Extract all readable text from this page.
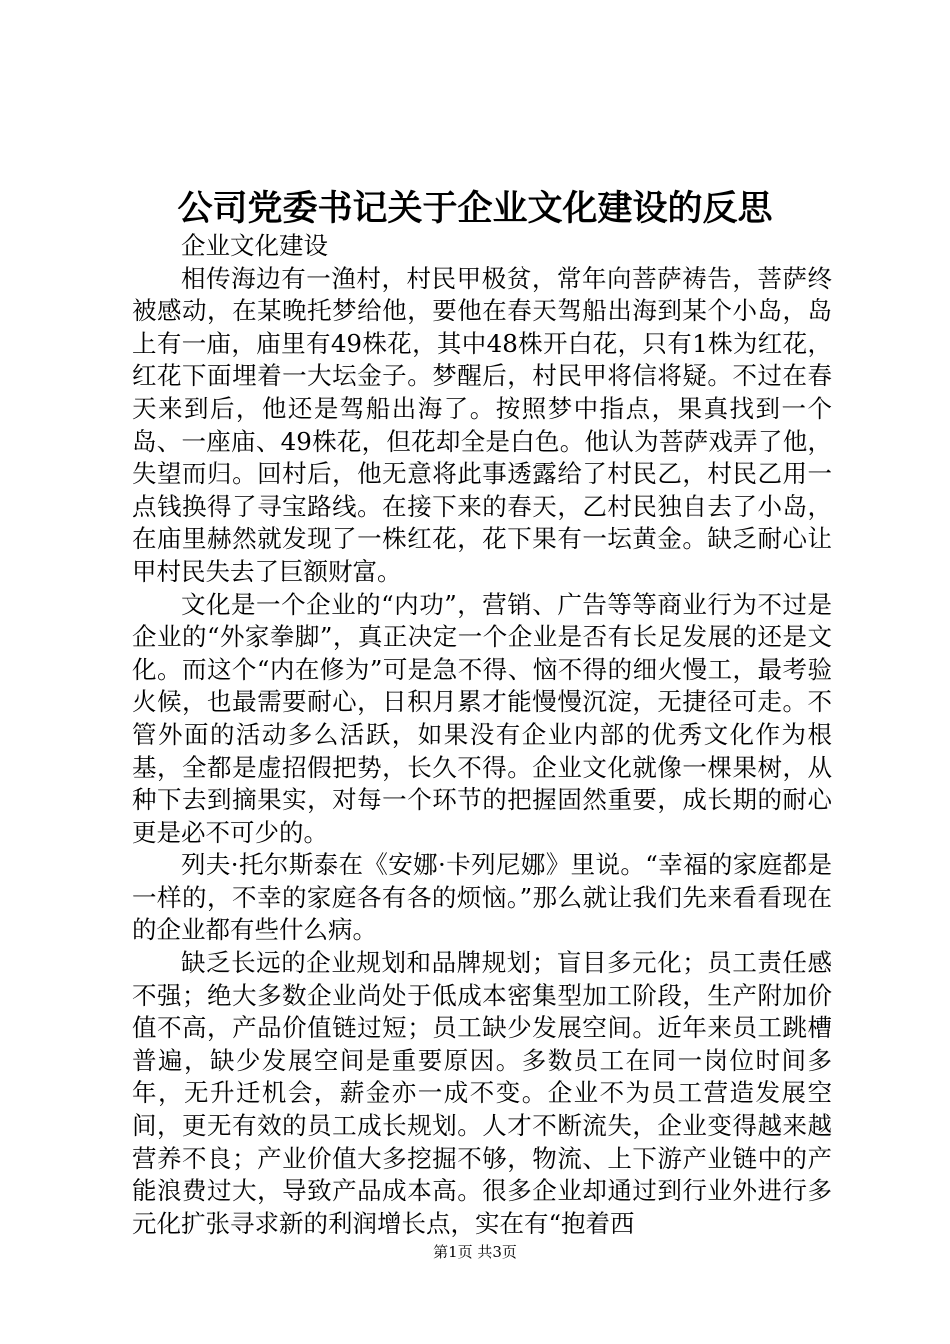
公司党委书记关于企业文化建设的反思

企业文化建设

相传海边有一渔村，村民甲极贫，常年向菩萨祷告，菩萨终被感动，在某晚托梦给他，要他在春天驾船出海到某个小岛，岛上有一庙，庙里有49株花，其中48株开白花，只有1株为红花，红花下面埋着一大坛金子。梦醒后，村民甲将信将疑。不过在春天来到后，他还是驾船出海了。按照梦中指点，果真找到一个岛、一座庙、49株花，但花却全是白色。他认为菩萨戏弄了他，失望而归。回村后，他无意将此事透露给了村民乙，村民乙用一点钱换得了寻宝路线。在接下来的春天，乙村民独自去了小岛，在庙里赫然就发现了一株红花，花下果有一坛黄金。缺乏耐心让甲村民失去了巨额财富。

文化是一个企业的“内功”，营销、广告等等商业行为不过是企业的“外家拳脚”，真正决定一个企业是否有长足发展的还是文化。而这个“内在修为”可是急不得、恼不得的细火慢工，最考验火候，也最需要耐心，日积月累才能慢慢沉淀，无捷径可走。不管外面的活动多么活跃，如果没有企业内部的优秀文化作为根基，全都是虚招假把势，长久不得。企业文化就像一棵果树，从种下去到摘果实，对每一个环节的把握固然重要，成长期的耐心更是必不可少的。

列夫·托尔斯泰在《安娜·卡列尼娜》里说。“幸福的家庭都是一样的，不幸的家庭各有各的烦恼。”那么就让我们先来看看现在的企业都有些什么病。

缺乏长远的企业规划和品牌规划；盲目多元化；员工责任感不强；绝大多数企业尚处于低成本密集型加工阶段，生产附加价值不高，产品价值链过短；员工缺少发展空间。近年来员工跳槽普遍，缺少发展空间是重要原因。多数员工在同一岗位时间多年，无升迁机会，薪金亦一成不变。企业不为员工营造发展空间，更无有效的员工成长规划。人才不断流失，企业变得越来越营养不良；产业价值大多挖掘不够，物流、上下游产业链中的产能浪费过大，导致产品成本高。很多企业却通过到行业外进行多元化扩张寻求新的利润增长点，实在有“抱着西

第1页 共3页
